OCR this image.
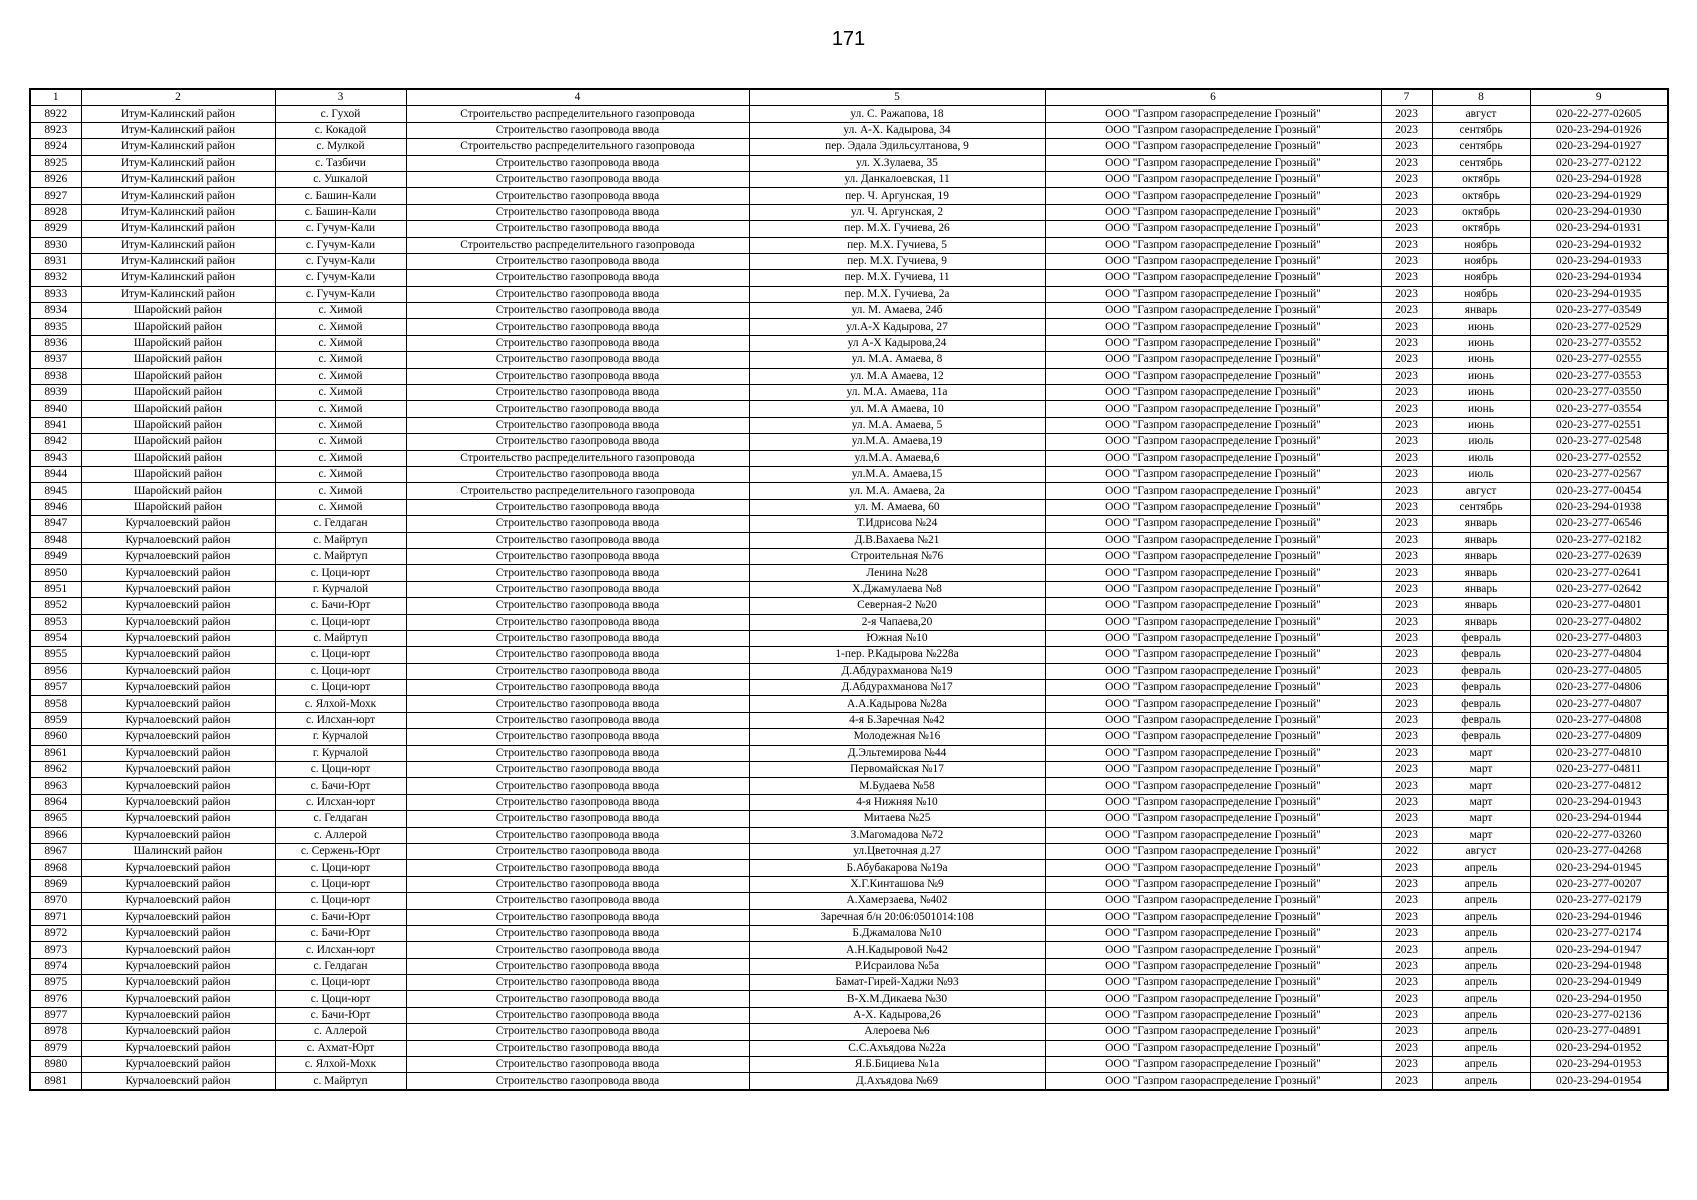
171
1	2	3	4	5	6	7	8	9
8922	Итум-Калинский район	с. Гухой	Строительство распределительного газопровода	ул. С. Ражапова, 18	ООО "Газпром газораспределение Грозный"	2023	август	020-22-277-02605
8923	Итум-Калинский район	с. Кокадой	Строительство газопровода ввода	ул. А-Х. Кадырова, 34	ООО "Газпром газораспределение Грозный"	2023	сентябрь	020-23-294-01926
8924	Итум-Калинский район	с. Мулкой	Строительство распределительного газопровода	пер. Эдала Эдильсултанова, 9	ООО "Газпром газораспределение Грозный"	2023	сентябрь	020-23-294-01927
8925	Итум-Калинский район	с. Тазбичи	Строительство газопровода ввода	ул. Х.Зулаева, 35	ООО "Газпром газораспределение Грозный"	2023	сентябрь	020-23-277-02122
8926	Итум-Калинский район	с. Ушкалой	Строительство газопровода ввода	ул. Данкалоевская, 11	ООО "Газпром газораспределение Грозный"	2023	октябрь	020-23-294-01928
8927	Итум-Калинский район	с. Башин-Кали	Строительство газопровода ввода	пер. Ч. Аргунская, 19	ООО "Газпром газораспределение Грозный"	2023	октябрь	020-23-294-01929
8928	Итум-Калинский район	с. Башин-Кали	Строительство газопровода ввода	ул. Ч. Аргунская, 2	ООО "Газпром газораспределение Грозный"	2023	октябрь	020-23-294-01930
8929	Итум-Калинский район	с. Гучум-Кали	Строительство газопровода ввода	пер. М.Х. Гучиева, 26	ООО "Газпром газораспределение Грозный"	2023	октябрь	020-23-294-01931
8930	Итум-Калинский район	с. Гучум-Кали	Строительство распределительного газопровода	пер. М.Х. Гучиева, 5	ООО "Газпром газораспределение Грозный"	2023	ноябрь	020-23-294-01932
8931	Итум-Калинский район	с. Гучум-Кали	Строительство газопровода ввода	пер. М.Х. Гучиева, 9	ООО "Газпром газораспределение Грозный"	2023	ноябрь	020-23-294-01933
8932	Итум-Калинский район	с. Гучум-Кали	Строительство газопровода ввода	пер. М.Х. Гучиева, 11	ООО "Газпром газораспределение Грозный"	2023	ноябрь	020-23-294-01934
8933	Итум-Калинский район	с. Гучум-Кали	Строительство газопровода ввода	пер. М.Х. Гучиева, 2а	ООО "Газпром газораспределение Грозный"	2023	ноябрь	020-23-294-01935
8934	Шаройский район	с. Химой	Строительство газопровода ввода	ул. М. Амаева, 24б	ООО "Газпром газораспределение Грозный"	2023	январь	020-23-277-03549
8935	Шаройский район	с. Химой	Строительство газопровода ввода	ул.А-Х Кадырова, 27	ООО "Газпром газораспределение Грозный"	2023	июнь	020-23-277-02529
8936	Шаройский район	с. Химой	Строительство газопровода ввода	ул А-Х Кадырова,24	ООО "Газпром газораспределение Грозный"	2023	июнь	020-23-277-03552
8937	Шаройский район	с. Химой	Строительство газопровода ввода	ул. М.А. Амаева, 8	ООО "Газпром газораспределение Грозный"	2023	июнь	020-23-277-02555
8938	Шаройский район	с. Химой	Строительство газопровода ввода	ул. М.А Амаева, 12	ООО "Газпром газораспределение Грозный"	2023	июнь	020-23-277-03553
8939	Шаройский район	с. Химой	Строительство газопровода ввода	ул. М.А. Амаева, 11а	ООО "Газпром газораспределение Грозный"	2023	июнь	020-23-277-03550
8940	Шаройский район	с. Химой	Строительство газопровода ввода	ул. М.А Амаева, 10	ООО "Газпром газораспределение Грозный"	2023	июнь	020-23-277-03554
8941	Шаройский район	с. Химой	Строительство газопровода ввода	ул. М.А. Амаева, 5	ООО "Газпром газораспределение Грозный"	2023	июнь	020-23-277-02551
8942	Шаройский район	с. Химой	Строительство газопровода ввода	ул.М.А. Амаева,19	ООО "Газпром газораспределение Грозный"	2023	июль	020-23-277-02548
8943	Шаройский район	с. Химой	Строительство распределительного газопровода	ул.М.А. Амаева,6	ООО "Газпром газораспределение Грозный"	2023	июль	020-23-277-02552
8944	Шаройский район	с. Химой	Строительство газопровода ввода	ул.М.А. Амаева,15	ООО "Газпром газораспределение Грозный"	2023	июль	020-23-277-02567
8945	Шаройский район	с. Химой	Строительство распределительного газопровода	ул. М.А. Амаева, 2а	ООО "Газпром газораспределение Грозный"	2023	август	020-23-277-00454
8946	Шаройский район	с. Химой	Строительство газопровода ввода	ул. М. Амаева, 60	ООО "Газпром газораспределение Грозный"	2023	сентябрь	020-23-294-01938
8947	Курчалоевский район	с. Гелдаган	Строительство газопровода ввода	Т.Идрисова №24	ООО "Газпром газораспределение Грозный"	2023	январь	020-23-277-06546
8948	Курчалоевский район	с. Майртуп	Строительство газопровода ввода	Д.В.Вахаева №21	ООО "Газпром газораспределение Грозный"	2023	январь	020-23-277-02182
8949	Курчалоевский район	с. Майртуп	Строительство газопровода ввода	Строительная №76	ООО "Газпром газораспределение Грозный"	2023	январь	020-23-277-02639
8950	Курчалоевский район	с. Цоци-юрт	Строительство газопровода ввода	Ленина №28	ООО "Газпром газораспределение Грозный"	2023	январь	020-23-277-02641
8951	Курчалоевский район	г. Курчалой	Строительство газопровода ввода	Х.Джамулаева №8	ООО "Газпром газораспределение Грозный"	2023	январь	020-23-277-02642
8952	Курчалоевский район	с. Бачи-Юрт	Строительство газопровода ввода	Северная-2 №20	ООО "Газпром газораспределение Грозный"	2023	январь	020-23-277-04801
8953	Курчалоевский район	с. Цоци-юрт	Строительство газопровода ввода	2-я Чапаева,20	ООО "Газпром газораспределение Грозный"	2023	январь	020-23-277-04802
8954	Курчалоевский район	с. Майртуп	Строительство газопровода ввода	Южная №10	ООО "Газпром газораспределение Грозный"	2023	февраль	020-23-277-04803
8955	Курчалоевский район	с. Цоци-юрт	Строительство газопровода ввода	1-пер. Р.Кадырова №228а	ООО "Газпром газораспределение Грозный"	2023	февраль	020-23-277-04804
8956	Курчалоевский район	с. Цоци-юрт	Строительство газопровода ввода	Д.Абдурахманова №19	ООО "Газпром газораспределение Грозный"	2023	февраль	020-23-277-04805
8957	Курчалоевский район	с. Цоци-юрт	Строительство газопровода ввода	Д.Абдурахманова №17	ООО "Газпром газораспределение Грозный"	2023	февраль	020-23-277-04806
8958	Курчалоевский район	с. Ялхой-Мохк	Строительство газопровода ввода	А.А.Кадырова №28а	ООО "Газпром газораспределение Грозный"	2023	февраль	020-23-277-04807
8959	Курчалоевский район	с. Илсхан-юрт	Строительство газопровода ввода	4-я Б.Заречная №42	ООО "Газпром газораспределение Грозный"	2023	февраль	020-23-277-04808
8960	Курчалоевский район	г. Курчалой	Строительство газопровода ввода	Молодежная №16	ООО "Газпром газораспределение Грозный"	2023	февраль	020-23-277-04809
8961	Курчалоевский район	г. Курчалой	Строительство газопровода ввода	Д.Эльтемирова №44	ООО "Газпром газораспределение Грозный"	2023	март	020-23-277-04810
8962	Курчалоевский район	с. Цоци-юрт	Строительство газопровода ввода	Первомайская №17	ООО "Газпром газораспределение Грозный"	2023	март	020-23-277-04811
8963	Курчалоевский район	с. Бачи-Юрт	Строительство газопровода ввода	М.Будаева №58	ООО "Газпром газораспределение Грозный"	2023	март	020-23-277-04812
8964	Курчалоевский район	с. Илсхан-юрт	Строительство газопровода ввода	4-я Нижняя №10	ООО "Газпром газораспределение Грозный"	2023	март	020-23-294-01943
8965	Курчалоевский район	с. Гелдаган	Строительство газопровода ввода	Митаева №25	ООО "Газпром газораспределение Грозный"	2023	март	020-23-294-01944
8966	Курчалоевский район	с. Аллерой	Строительство газопровода ввода	З.Магомадова №72	ООО "Газпром газораспределение Грозный"	2023	март	020-22-277-03260
8967	Шалинский район	с. Сержень-Юрт	Строительство газопровода ввода	ул.Цветочная д.27	ООО "Газпром газораспределение Грозный"	2022	август	020-23-277-04268
8968	Курчалоевский район	с. Цоци-юрт	Строительство газопровода ввода	Б.Абубакарова №19а	ООО "Газпром газораспределение Грозный"	2023	апрель	020-23-294-01945
8969	Курчалоевский район	с. Цоци-юрт	Строительство газопровода ввода	Х.Г.Кинташова №9	ООО "Газпром газораспределение Грозный"	2023	апрель	020-23-277-00207
8970	Курчалоевский район	с. Цоци-юрт	Строительство газопровода ввода	А.Хамерзаева, №402	ООО "Газпром газораспределение Грозный"	2023	апрель	020-23-277-02179
8971	Курчалоевский район	с. Бачи-Юрт	Строительство газопровода ввода	Заречная б/н 20:06:0501014:108	ООО "Газпром газораспределение Грозный"	2023	апрель	020-23-294-01946
8972	Курчалоевский район	с. Бачи-Юрт	Строительство газопровода ввода	Б.Джамалова №10	ООО "Газпром газораспределение Грозный"	2023	апрель	020-23-277-02174
8973	Курчалоевский район	с. Илсхан-юрт	Строительство газопровода ввода	А.Н.Кадыровой №42	ООО "Газпром газораспределение Грозный"	2023	апрель	020-23-294-01947
8974	Курчалоевский район	с. Гелдаган	Строительство газопровода ввода	Р.Исраилова №5а	ООО "Газпром газораспределение Грозный"	2023	апрель	020-23-294-01948
8975	Курчалоевский район	с. Цоци-юрт	Строительство газопровода ввода	Бамат-Гирей-Хаджи №93	ООО "Газпром газораспределение Грозный"	2023	апрель	020-23-294-01949
8976	Курчалоевский район	с. Цоци-юрт	Строительство газопровода ввода	В-Х.М.Дикаева №30	ООО "Газпром газораспределение Грозный"	2023	апрель	020-23-294-01950
8977	Курчалоевский район	с. Бачи-Юрт	Строительство газопровода ввода	А-Х. Кадырова,26	ООО "Газпром газораспределение Грозный"	2023	апрель	020-23-277-02136
8978	Курчалоевский район	с. Аллерой	Строительство газопровода ввода	Алероева №6	ООО "Газпром газораспределение Грозный"	2023	апрель	020-23-277-04891
8979	Курчалоевский район	с. Ахмат-Юрт	Строительство газопровода ввода	С.С.Ахъядова №22а	ООО "Газпром газораспределение Грозный"	2023	апрель	020-23-294-01952
8980	Курчалоевский район	с. Ялхой-Мохк	Строительство газопровода ввода	Я.Б.Бициева №1а	ООО "Газпром газораспределение Грозный"	2023	апрель	020-23-294-01953
8981	Курчалоевский район	с. Майртуп	Строительство газопровода ввода	Д.Ахъядова №69	ООО "Газпром газораспределение Грозный"	2023	апрель	020-23-294-01954
